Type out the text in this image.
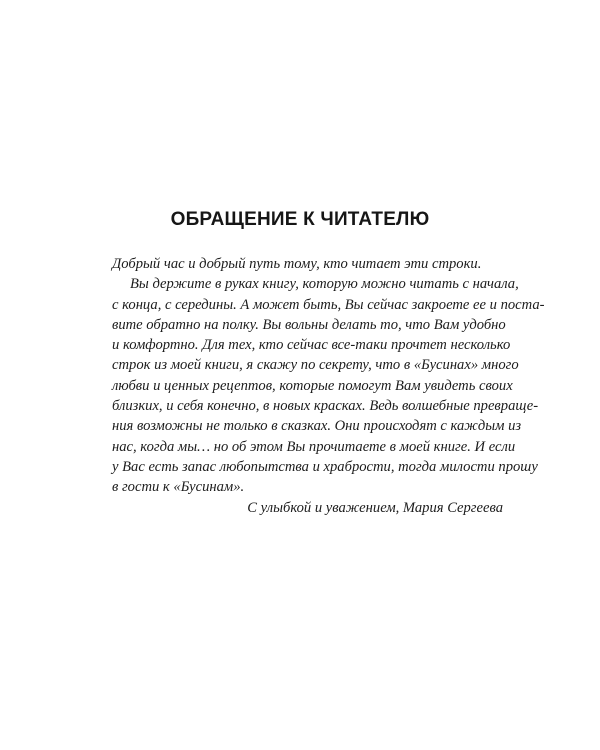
ОБРАЩЕНИЕ К ЧИТАТЕЛЮ
Добрый час и добрый путь тому, кто читает эти строки.
Вы держите в руках книгу, которую можно читать с начала,
с конца, с середины. А может быть, Вы сейчас закроете ее и поста-
вите обратно на полку. Вы вольны делать то, что Вам удобно
и комфортно. Для тех, кто сейчас все-таки прочтет несколько
строк из моей книги, я скажу по секрету, что в «Бусинах» много
любви и ценных рецептов, которые помогут Вам увидеть своих
близких, и себя конечно, в новых красках. Ведь волшебные превраще-
ния возможны не только в сказках. Они происходят с каждым из
нас, когда мы… но об этом Вы прочитаете в моей книге. И если
у Вас есть запас любопытства и храбрости, тогда милости прошу
в гости к «Бусинам».
С улыбкой и уважением, Мария Сергеева
